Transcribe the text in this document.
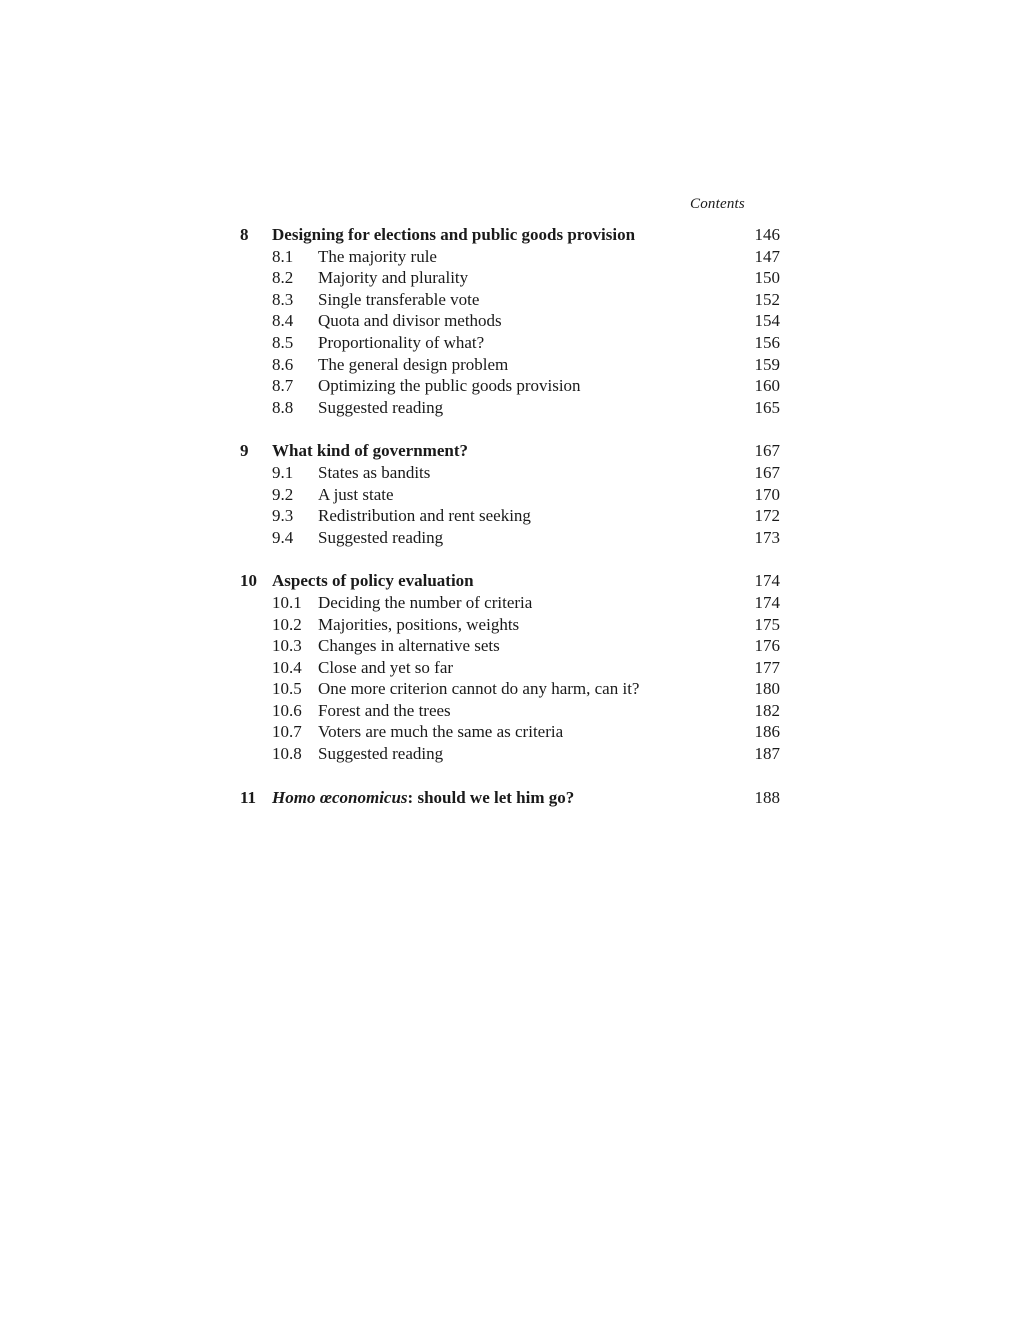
Contents
8 Designing for elections and public goods provision	146
8.1 The majority rule	147
8.2 Majority and plurality	150
8.3 Single transferable vote	152
8.4 Quota and divisor methods	154
8.5 Proportionality of what?	156
8.6 The general design problem	159
8.7 Optimizing the public goods provision	160
8.8 Suggested reading	165
9 What kind of government?	167
9.1 States as bandits	167
9.2 A just state	170
9.3 Redistribution and rent seeking	172
9.4 Suggested reading	173
10 Aspects of policy evaluation	174
10.1 Deciding the number of criteria	174
10.2 Majorities, positions, weights	175
10.3 Changes in alternative sets	176
10.4 Close and yet so far	177
10.5 One more criterion cannot do any harm, can it?	180
10.6 Forest and the trees	182
10.7 Voters are much the same as criteria	186
10.8 Suggested reading	187
11 Homo œconomicus: should we let him go?	188
